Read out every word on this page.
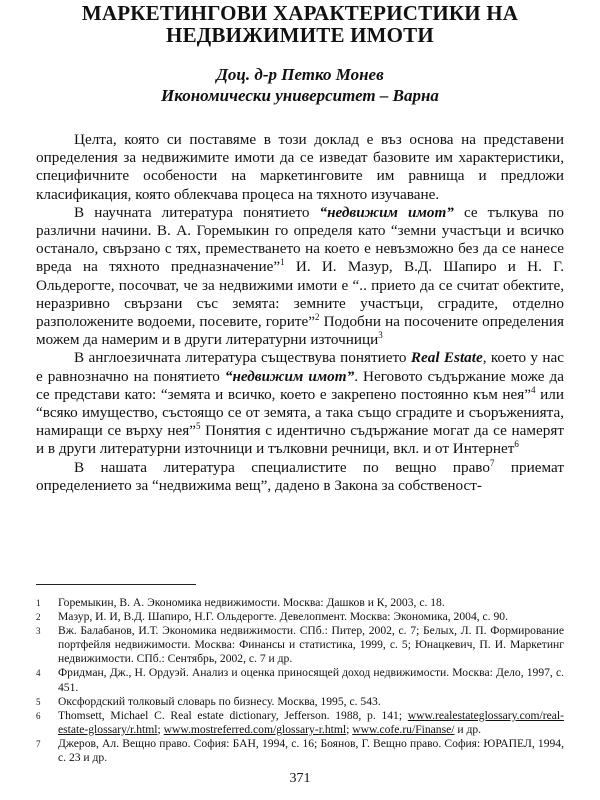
МАРКЕТИНГОВИ ХАРАКТЕРИСТИКИ НА
НЕДВИЖИМИТЕ ИМОТИ
Доц. д-р Петко Монев
Икономически университет – Варна

Целта, която си поставяме в този доклад е въз основа на представени определения за недвижимите имоти да се изведат базовите им характеристики, специфичните особености на маркетинговите им равнища и предложи класификация, която облекчава процеса на тяхното изучаване.

В научната литература понятието “недвижим имот” се тълкува по различни начини. В. А. Горемыкин го определя като “земни участъци и всичко останало, свързано с тях, преместването на което е невъзможно без да се нанесе вреда на тяхното предназначение”$^1$ И. И. Мазур, В.Д. Шапиро и Н. Г. Ольдерогте, посочват, че за недвижими имоти е “.. прието да се считат обектите, неразривно свързани със земята: земните участъци, сградите, отделно разположените водоеми, посевите, горите”$^2$ Подобни на посочените определения можем да намерим и в други литературни източници$^3$

В англоезичната литература съществува понятието Real Estate, което у нас е равнозначно на понятието “недвижим имот”. Неговото съдържание може да се представи като: “земята и всичко, което е закрепено постоянно към нея”$^4$ или “всяко имущество, състоящо се от земята, а така също сградите и съоръженията, намиращи се върху нея”$^5$ Понятия с идентично съдържание могат да се намерят и в други литературни източници и тълковни речници, вкл. и от Интернет$^6$

В нашата литература специалистите по вещно право$^7$ приемат определението за “недвижима вещ”, дадено в Закона за собственост-

1	Горемыкин, В. А. Экономика недвижимости. Москва: Дашков и К, 2003, с. 18.
2	Мазур, И. И, В.Д. Шапиро, Н.Г. Ольдерогте. Девелопмент. Москва: Экономика, 2004, с. 90.
3	Вж. Балабанов, И.Т. Экономика недвижимости. СПб.: Питер, 2002, с. 7; Белых, Л. П. Формирование портфейля недвижимости. Москва: Финансы и статистика, 1999, с. 5; Юнацкевич, П. И. Маркетинг недвижимости. СПб.: Сентябрь, 2002, с. 7 и др.
4	Фридман, Дж., Н. Ордуэй. Анализ и оценка приносящей доход недвижимости. Москва: Дело, 1997, с. 451.
5	Оксфордский толковый словарь по бизнесу. Москва, 1995, с. 543.
6	Thomsett, Michael C. Real estate dictionary, Jefferson. 1988, p. 141; www.realestateglossary.com/real-estate-glossary/r.html; www.mostreferred.com/glossary-r.html; www.cofe.ru/Finanse/ и др.
7	Джеров, Ал. Вещно право. София: БАН, 1994, с. 16; Боянов, Г. Вещно право. София: ЮРАПЕЛ, 1994, с. 23 и др.
371
